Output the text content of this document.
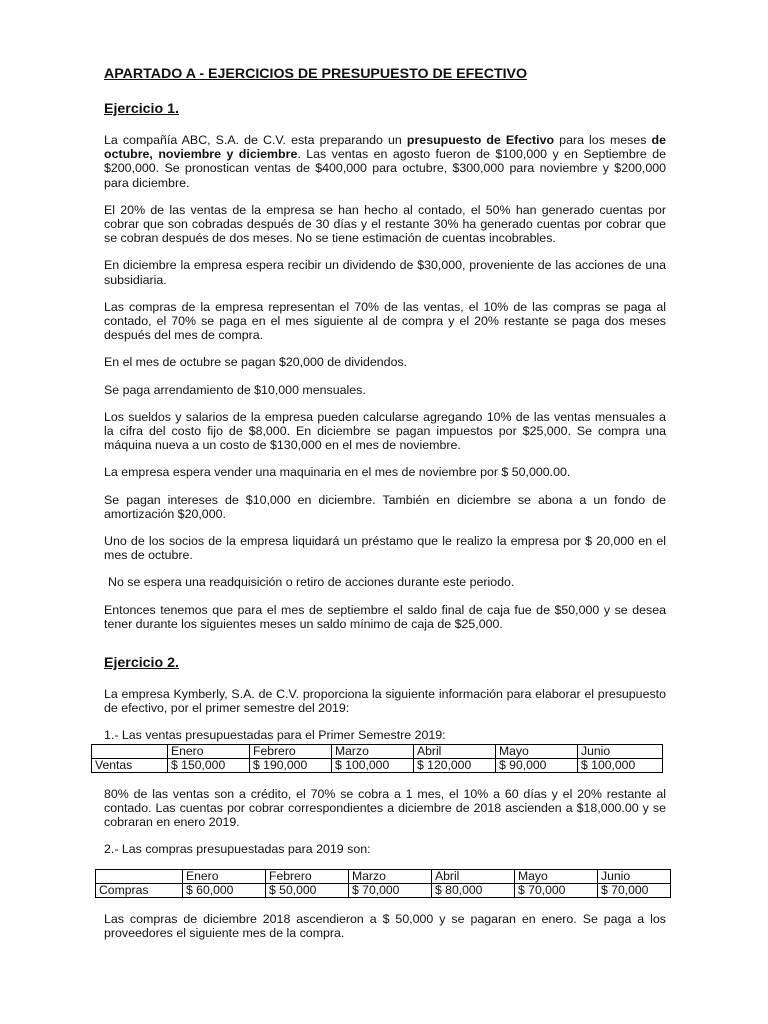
APARTADO A - EJERCICIOS DE PRESUPUESTO DE EFECTIVO
Ejercicio 1.

La compañía ABC, S.A. de C.V. esta preparando un presupuesto de Efectivo para los meses de octubre, noviembre y diciembre. Las ventas en agosto fueron de $100,000 y en Septiembre de $200,000. Se pronostican ventas de $400,000 para octubre, $300,000 para noviembre y $200,000 para diciembre.

El 20% de las ventas de la empresa se han hecho al contado, el 50% han generado cuentas por cobrar que son cobradas después de 30 días y el restante 30% ha generado cuentas por cobrar que se cobran después de dos meses. No se tiene estimación de cuentas incobrables.

En diciembre la empresa espera recibir un dividendo de $30,000, proveniente de las acciones de una subsidiaria.

Las compras de la empresa representan el 70% de las ventas, el 10% de las compras se paga al contado, el 70% se paga en el mes siguiente al de compra y el 20% restante se paga dos meses después del mes de compra.

En el mes de octubre se pagan $20,000 de dividendos.

Se paga arrendamiento de $10,000 mensuales.

Los sueldos y salarios de la empresa pueden calcularse agregando 10% de las ventas mensuales a la cifra del costo fijo de $8,000. En diciembre se pagan impuestos por $25,000. Se compra una máquina nueva a un costo de $130,000 en el mes de noviembre.

La empresa espera vender una maquinaria en el mes de noviembre por $ 50,000.00.

Se pagan intereses de $10,000 en diciembre. También en diciembre se abona a un fondo de amortización $20,000.

Uno de los socios de la empresa liquidará un préstamo que le realizo la empresa por $ 20,000 en el mes de octubre.

No se espera una readquisición o retiro de acciones durante este periodo.

Entonces tenemos que para el mes de septiembre el saldo final de caja fue de $50,000 y se desea tener durante los siguientes meses un saldo mínimo de caja de $25,000.

Ejercicio 2.

La empresa Kymberly, S.A. de C.V. proporciona la siguiente información para elaborar el presupuesto de efectivo, por el primer semestre del 2019:

1.- Las ventas presupuestadas para el Primer Semestre 2019:

	Enero	Febrero	Marzo	Abril	Mayo	Junio
Ventas	$ 150,000	$ 190,000	$ 100,000	$ 120,000	$ 90,000	$ 100,000

80% de las ventas son a crédito, el 70% se cobra a 1 mes, el 10% a 60 días y el 20% restante al contado. Las cuentas por cobrar correspondientes a diciembre de 2018 ascienden a $18,000.00 y se cobraran en enero 2019.

2.- Las compras presupuestadas para 2019 son:

	Enero	Febrero	Marzo	Abril	Mayo	Junio
Compras	$ 60,000	$ 50,000	$ 70,000	$ 80,000	$ 70,000	$ 70,000

Las compras de diciembre 2018 ascendieron a $ 50,000 y se pagaran en enero. Se paga a los proveedores el siguiente mes de la compra.
